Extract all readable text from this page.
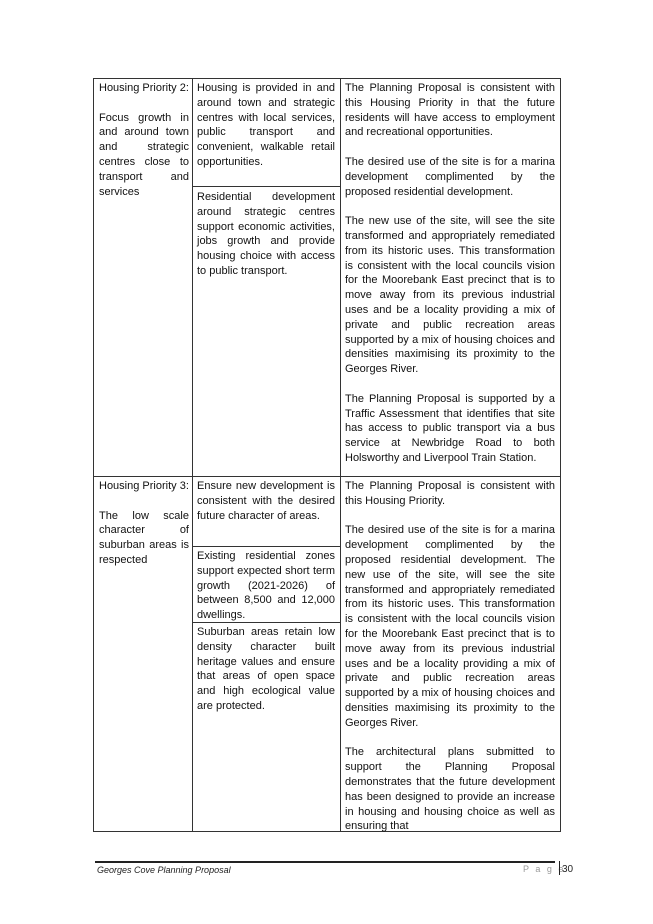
Housing Priority 2:

Focus growth in and around town and strategic centres close to transport and services

Housing is provided in and around town and strategic centres with local services, public transport and convenient, walkable retail opportunities.

Residential development around strategic centres support economic activities, jobs growth and provide housing choice with access to public transport.

The Planning Proposal is consistent with this Housing Priority in that the future residents will have access to employment and recreational opportunities.

The desired use of the site is for a marina development complimented by the proposed residential development.

The new use of the site, will see the site transformed and appropriately remediated from its historic uses. This transformation is consistent with the local councils vision for the Moorebank East precinct that is to move away from its previous industrial uses and be a locality providing a mix of private and public recreation areas supported by a mix of housing choices and densities maximising its proximity to the Georges River.

The Planning Proposal is supported by a Traffic Assessment that identifies that site has access to public transport via a bus service at Newbridge Road to both Holsworthy and Liverpool Train Station.

Housing Priority 3:

The low scale character of suburban areas is respected

Ensure new development is consistent with the desired future character of areas.

Existing residential zones support expected short term growth (2021-2026) of between 8,500 and 12,000 dwellings.

Suburban areas retain low density character built heritage values and ensure that areas of open space and high ecological value are protected.

The Planning Proposal is consistent with this Housing Priority.

The desired use of the site is for a marina development complimented by the proposed residential development. The new use of the site, will see the site transformed and appropriately remediated from its historic uses. This transformation is consistent with the local councils vision for the Moorebank East precinct that is to move away from its previous industrial uses and be a locality providing a mix of private and public recreation areas supported by a mix of housing choices and densities maximising its proximity to the Georges River.

The architectural plans submitted to support the Planning Proposal demonstrates that the future development has been designed to provide an increase in housing and housing choice as well as ensuring that

Georges Cove Planning Proposal	P a g e
30
